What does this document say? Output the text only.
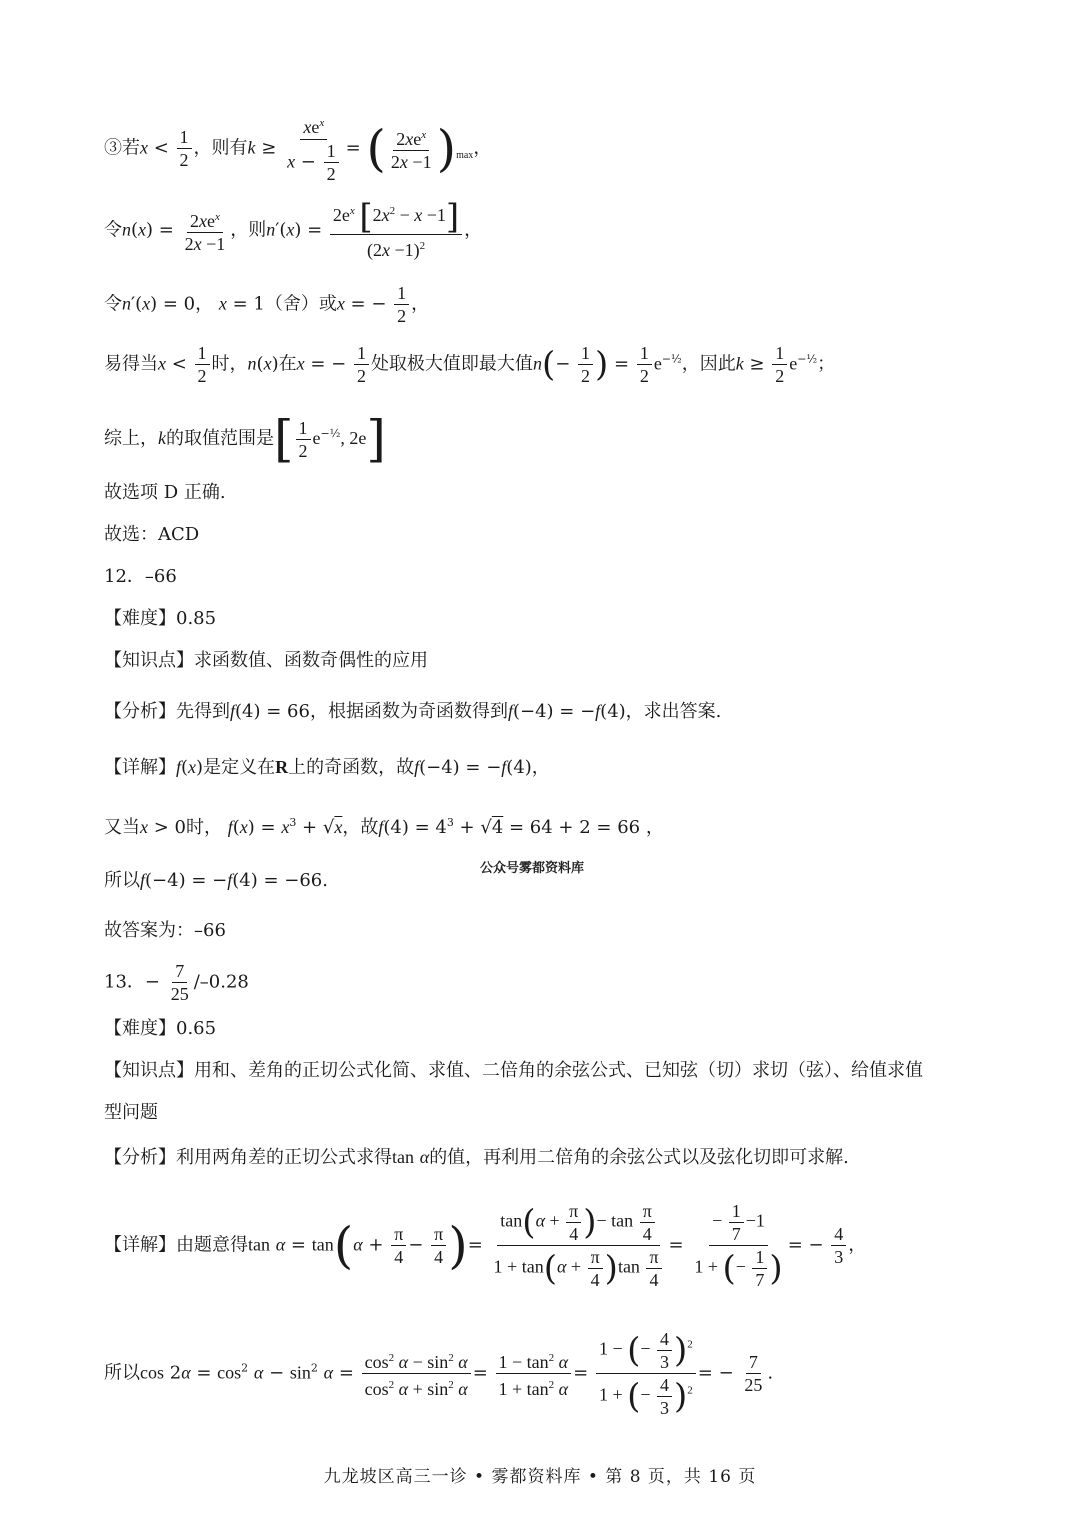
③若$x < \frac{1}{2}$ ，则有$k \ge \frac{xe^x}{x - \frac{1}{2}}$ = ( $\frac{2xe^x}{2x -1} )_{max}$，
令$n(x) = \frac{2xe^x}{2x -1}$ ，则$n'(x) = \frac{2e^x [2x^2 - x -1]}{(2x -1)^2}$ ，
令n′(x) = 0， x = 1（舍）或x = − $\frac{1}{2}$ ，
易得当$x < \frac{1}{2}$ 时，n(x)在x = − $\frac{1}{2}$ 处取极大值即最大值$n(- \frac{1}{2}$ ) = $\frac{1}{2} e^{-\frac{1}{2}}$，因此$k \ge \frac{1}{2} e^{-\frac{1}{2}}$；
综上，k的取值范围是[ $\frac{1}{2} e^{-\frac{1}{2}}$, 2e]
故选项 D 正确.
故选：ACD
12．–66
【难度】0.85
【知识点】求函数值、函数奇偶性的应用
【分析】先得到f(4) = 66，根据函数为奇函数得到f(−4) = −f(4)，求出答案.
【详解】f(x)是定义在R上的奇函数，故f(−4) = −f(4)，
又当x > 0时， $f(x) = x^3 + √x$，故$f(4) = 4^3 + √4 = 64 + 2 = 66$ ，
所以f(−4) = −f(4) = −66.
公众号雾都资料库
故答案为：–66
13．− $\frac{7}{25} /-0.28$
【难度】0.65
【知识点】用和、差角的正切公式化简、求值、二倍角的余弦公式、已知弦（切）求切（弦）、给值求值
型问题
【分析】利用两角差的正切公式求得tan α的值，再利用二倍角的余弦公式以及弦化切即可求解.
【详解】由题意得$\tan \alpha = \tan(\alpha + \frac{\pi}{4} - \frac{\pi}{4}$ )= $\frac{\tan(\alpha + \frac{\pi}{4} )- \tan \frac{\pi}{4}}{1 + \tan(\alpha + \frac{\pi}{4} )\tan \frac{\pi}{4}} = \frac{- \frac{1}{7} -1}{1 + (- \frac{1}{7} )}$ = − $\frac{4}{3}$ ，
所以$\cos 2\alpha = \cos^2 \alpha - \sin^2 \alpha = \frac{\cos^2 \alpha - \sin^2 \alpha}{\cos^2 \alpha + \sin^2 \alpha} = \frac{1 - \tan^2 \alpha}{1 + \tan^2 \alpha} = \frac{1 - (- \frac{4}{3} )^2}{1 + (- \frac{4}{3} )^2}$ = − $\frac{7}{25}$ .
九龙坡区高三一诊 • 雾都资料库 • 第 8 页，共 16 页
